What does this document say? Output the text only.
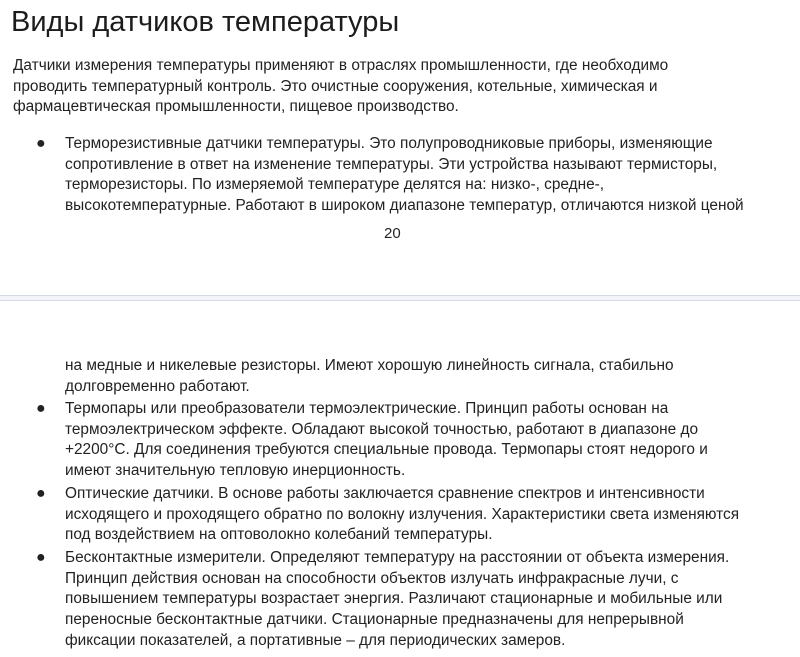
Виды датчиков температуры

Датчики измерения температуры применяют в отраслях промышленности, где необходимо
проводить температурный контроль. Это очистные сооружения, котельные, химическая и
фармацевтическая промышленности, пищевое производство.

● Терморезистивные датчики температуры. Это полупроводниковые приборы, изменяющие
сопротивление в ответ на изменение температуры. Эти устройства называют термисторы,
терморезисторы. По измеряемой температуре делятся на: низко-, средне-,
высокотемпературные. Работают в широком диапазоне температур, отличаются низкой ценой
20
на медные и никелевые резисторы. Имеют хорошую линейность сигнала, стабильно
долговременно работают.
● Термопары или преобразователи термоэлектрические. Принцип работы основан на
термоэлектрическом эффекте. Обладают высокой точностью, работают в диапазоне до
+2200°C. Для соединения требуются специальные провода. Термопары стоят недорого и
имеют значительную тепловую инерционность.
● Оптические датчики. В основе работы заключается сравнение спектров и интенсивности
исходящего и проходящего обратно по волокну излучения. Характеристики света изменяются
под воздействием на оптоволокно колебаний температуры.
● Бесконтактные измерители. Определяют температуру на расстоянии от объекта измерения.
Принцип действия основан на способности объектов излучать инфракрасные лучи, с
повышением температуры возрастает энергия. Различают стационарные и мобильные или
переносные бесконтактные датчики. Стационарные предназначены для непрерывной
фиксации показателей, а портативные – для периодических замеров.
